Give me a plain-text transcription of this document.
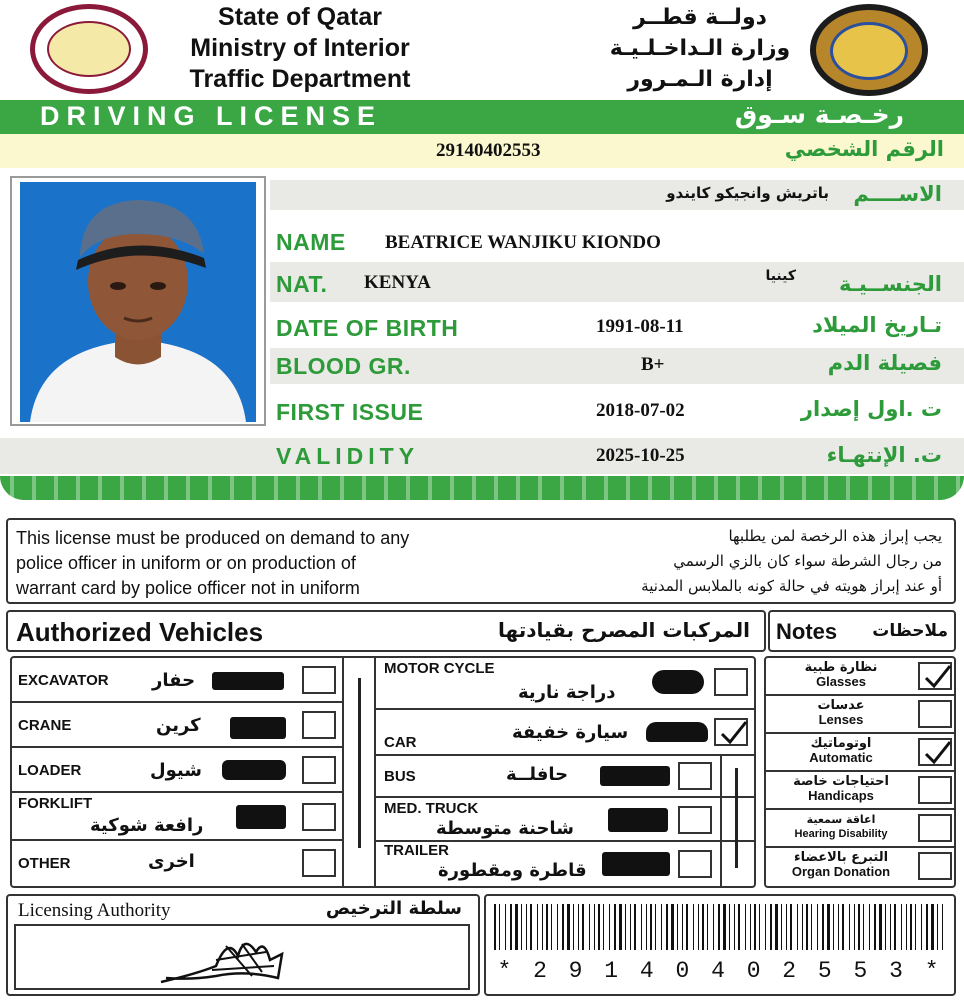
State of Qatar
Ministry of Interior
Traffic Department
دولــة قطــر
وزارة الـداخـلـيـة
إدارة الـمـرور
DRIVING LICENSE	رخـصـة سـوق
29140402553	الرقم الشخصي
باتريش وانجيكو كايندو الاســــم
NAME BEATRICE WANJIKU KIONDO
NAT. KENYA	كينيا الجنســيـة
DATE OF BIRTH	1991-08-11	تـاريخ الميلاد
BLOOD GR.	B+	فصيلة الدم
FIRST ISSUE	2018-07-02	ت .اول إصدار
VALIDITY	2025-10-25	ت. الإنتهـاء
This license must be produced on demand to any
police officer in uniform or on production of
warrant card by police officer not in uniform
يجب إبراز هذه الرخصة لمن يطلبها
من رجال الشرطة سواء كان بالزي الرسمي
أو عند إبراز هويته في حالة كونه بالملابس المدنية
Authorized Vehicles	المركبات المصرح بقيادتها Notes ملاحظات
EXCAVATOR حفار
CRANE	كرين
LOADER	شيول
FORKLIFT
رافعة شوكية
OTHER	اخرى
MOTOR CYCLE
دراجة نارية
CAR	سيارة خفيفة
BUS	حافلــة
MED. TRUCK
شاحنة متوسطة
TRAILER
قاطرة ومقطورة
نظارة طبية
Glasses
عدسات
Lenses
اوتوماتيك
Automatic
احتياجات خاصة
Handicaps
اعاقة سمعية
Hearing Disability
التبرع بالاعضاء
Organ Donation
Licensing Authority	سلطة الترخيص
* 2 9 1 4 0 4 0 2 5 5 3 *
